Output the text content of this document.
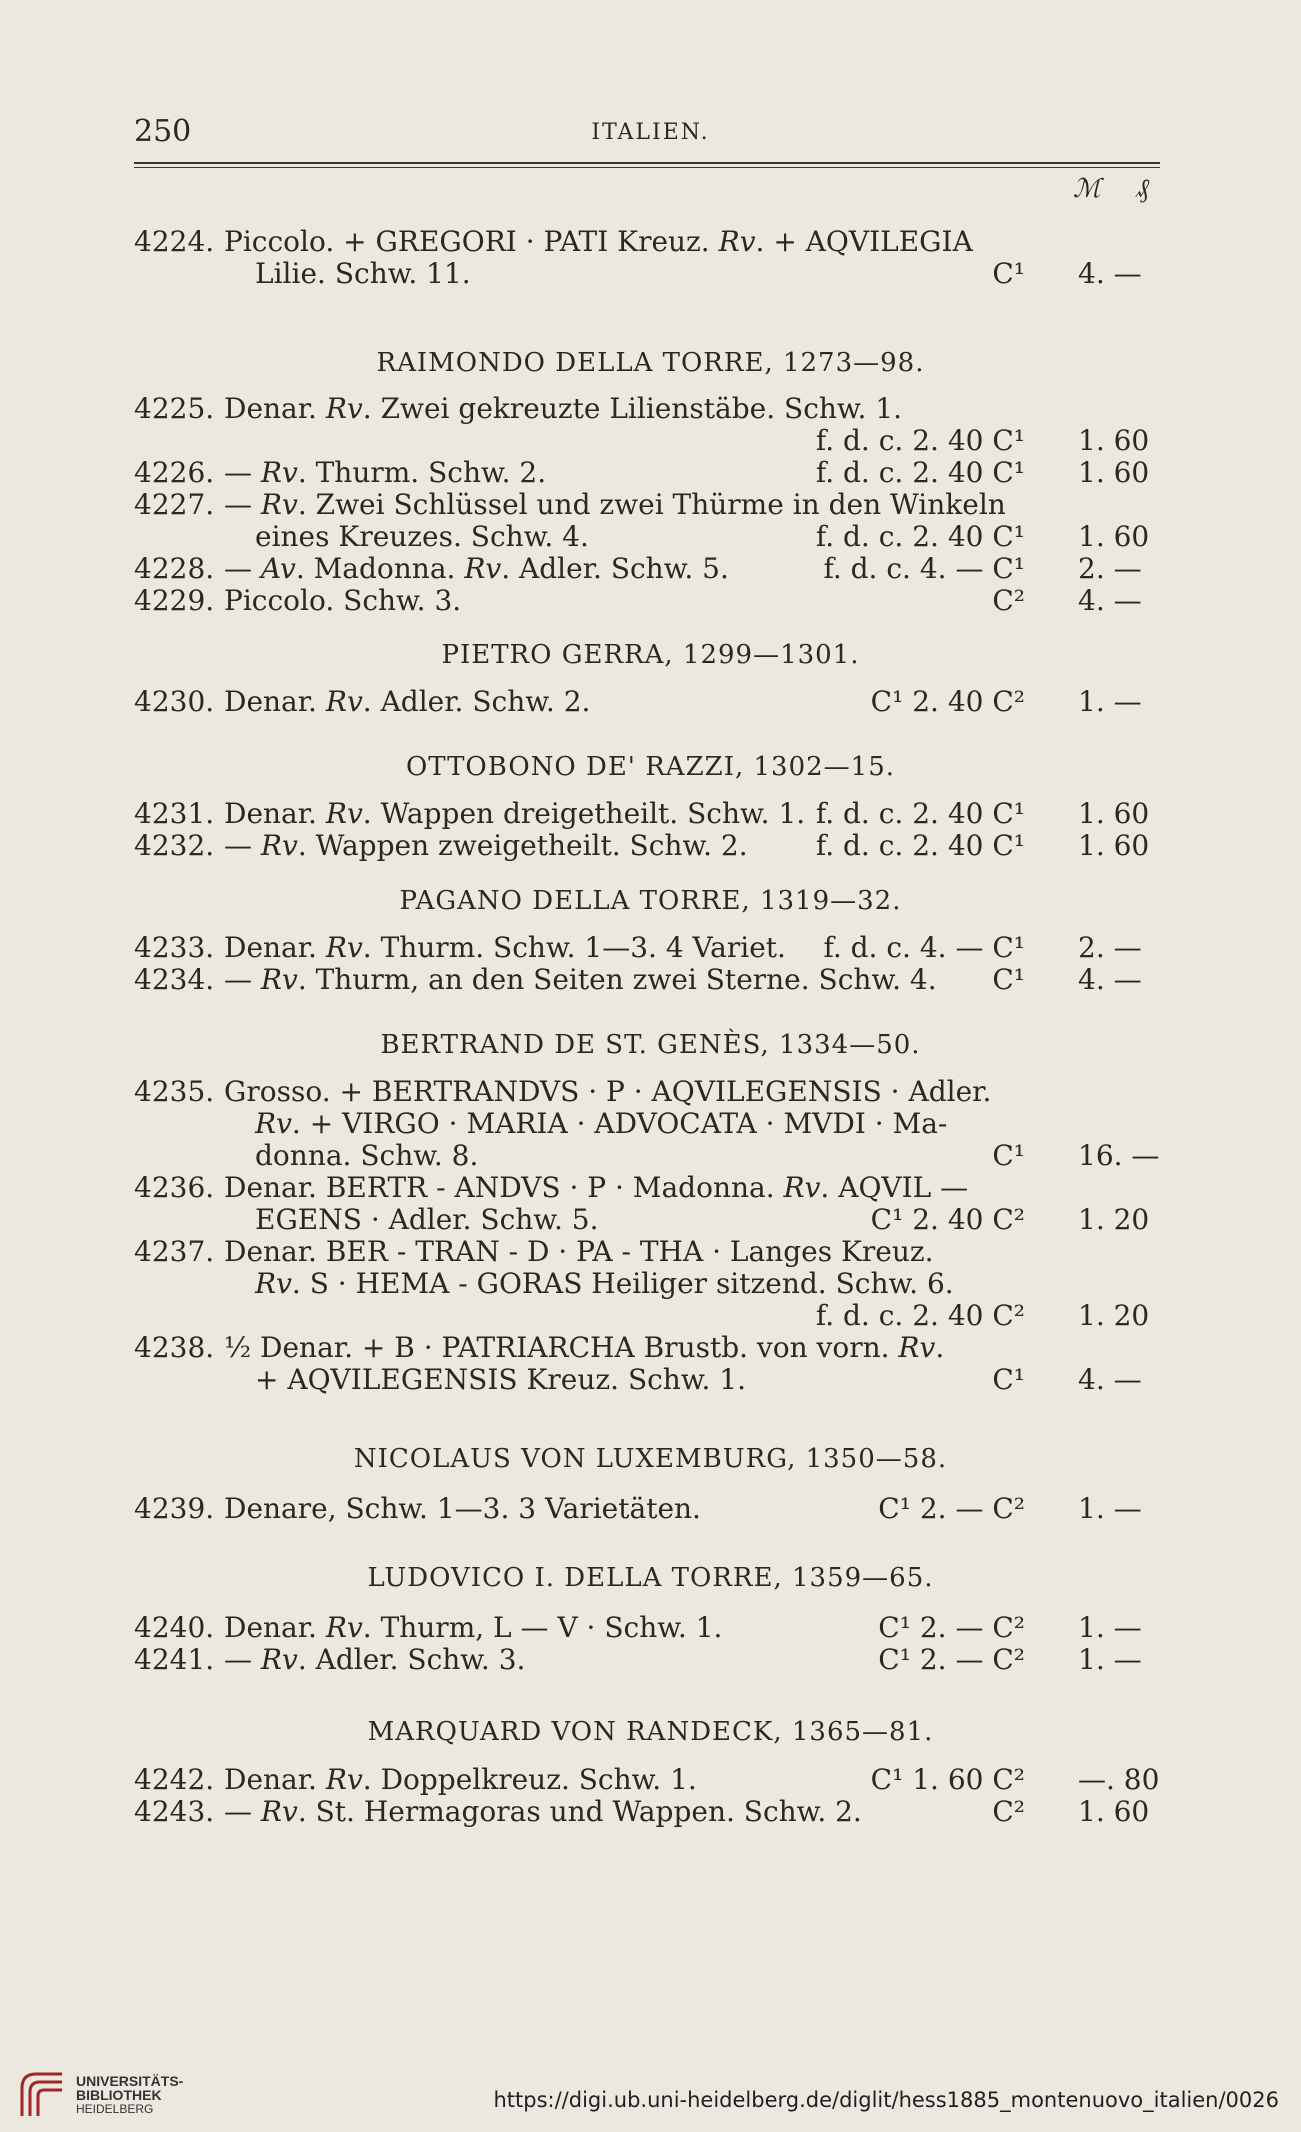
250	ITALIEN.
ℳ ₰
4224. Piccolo. + GREGORI · PATI Kreuz. Rv. + AQVILEGIA
Lilie. Schw. 11.	C¹ 4. —
RAIMONDO DELLA TORRE, 1273—98.
4225. Denar. Rv. Zwei gekreuzte Lilienstäbe. Schw. 1.
f. d. c. 2. 40 C¹ 1. 60
4226. — Rv. Thurm. Schw. 2.	f. d. c. 2. 40 C¹ 1. 60
4227. — Rv. Zwei Schlüssel und zwei Thürme in den Winkeln
eines Kreuzes. Schw. 4.	f. d. c. 2. 40 C¹ 1. 60
4228. — Av. Madonna. Rv. Adler. Schw. 5.	f. d. c. 4. — C¹ 2. —
4229. Piccolo. Schw. 3.	C² 4. —
PIETRO GERRA, 1299—1301.
4230. Denar. Rv. Adler. Schw. 2.	C¹ 2. 40 C² 1. —
OTTOBONO DE' RAZZI, 1302—15.
4231. Denar. Rv. Wappen dreigetheilt. Schw. 1. f. d. c. 2. 40 C¹ 1. 60
4232. — Rv. Wappen zweigetheilt. Schw. 2. f. d. c. 2. 40 C¹ 1. 60
PAGANO DELLA TORRE, 1319—32.
4233. Denar. Rv. Thurm. Schw. 1—3. 4 Variet. f. d. c. 4. — C¹ 2. —
4234. — Rv. Thurm, an den Seiten zwei Sterne. Schw. 4. C¹ 4. —
BERTRAND DE ST. GENÈS, 1334—50.
4235. Grosso. + BERTRANDVS · P · AQVILEGENSIS · Adler.
Rv. + VIRGO · MARIA · ADVOCATA · MVDI · Ma-
donna. Schw. 8.	C¹ 16. —
4236. Denar. BERTR - ANDVS · P · Madonna. Rv. AQVIL —
EGENS · Adler. Schw. 5.	C¹ 2. 40 C² 1. 20
4237. Denar. BER - TRAN - D · PA - THA · Langes Kreuz.
Rv. S · HEMA - GORAS Heiliger sitzend. Schw. 6.
f. d. c. 2. 40 C² 1. 20
4238. ½ Denar. + B · PATRIARCHA Brustb. von vorn. Rv.
+ AQVILEGENSIS Kreuz. Schw. 1.	C¹ 4. —
NICOLAUS VON LUXEMBURG, 1350—58.
4239. Denare, Schw. 1—3. 3 Varietäten.	C¹ 2. — C² 1. —
LUDOVICO I. DELLA TORRE, 1359—65.
4240. Denar. Rv. Thurm, L — V · Schw. 1.	C¹ 2. — C² 1. —
4241. — Rv. Adler. Schw. 3.	C¹ 2. — C² 1. —
MARQUARD VON RANDECK, 1365—81.
4242. Denar. Rv. Doppelkreuz. Schw. 1.	C¹ 1. 60 C² —. 80
4243. — Rv. St. Hermagoras und Wappen. Schw. 2.	C² 1. 60
UNIVERSITÄTS-
BIBLIOTHEK
HEIDELBERG	https://digi.ub.uni-heidelberg.de/diglit/hess1885_montenuovo_italien/0026
